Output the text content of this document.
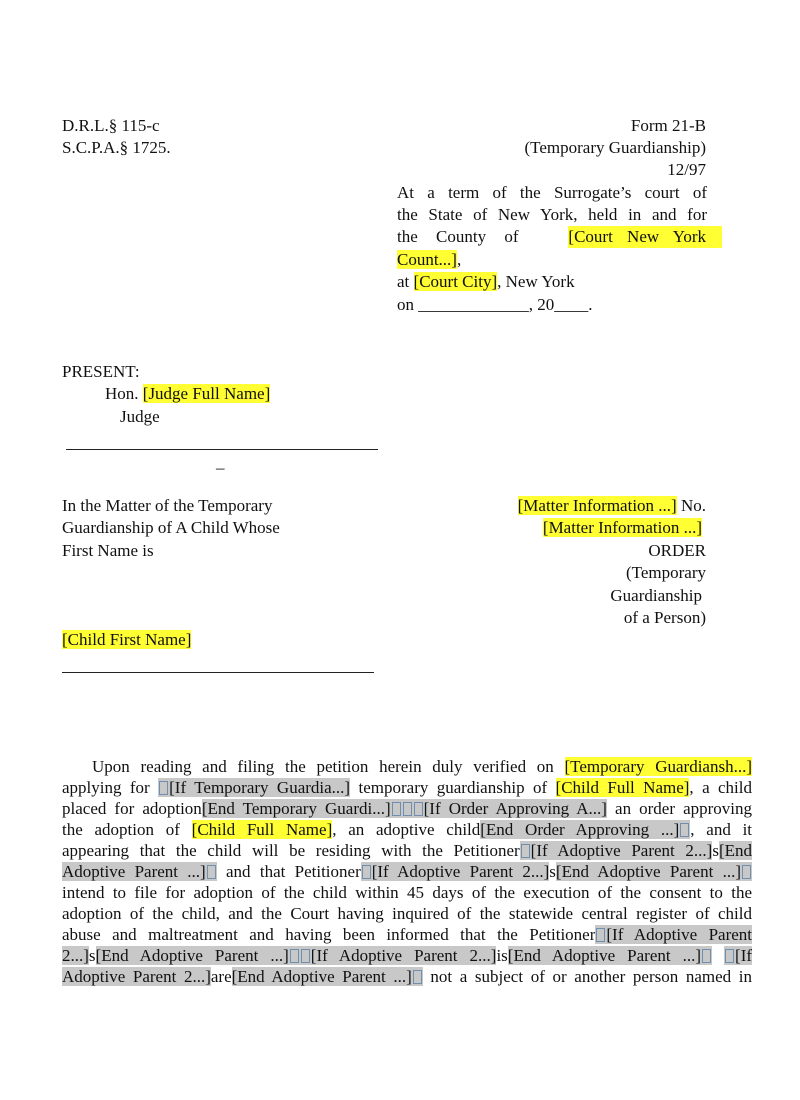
D.R.L.§ 115-c
S.C.P.A.§ 1725.
Form 21-B
(Temporary Guardianship)
12/97
At a term of the Surrogate’s court of
the State of New York, held in and for
the County of	[Court New York
Count...],
at [Court City], New York
on _____________, 20____.
PRESENT:
Hon. [Judge Full Name]
Judge
–
In the Matter of the Temporary
Guardianship of A Child Whose
First Name is
[Child First Name]
[Matter Information ...] No.
[Matter Information ...]
ORDER
(Temporary
Guardianship
of a Person)
Upon reading and filing the petition herein duly verified on [Temporary Guardiansh...]
applying for [If Temporary Guardia...] temporary guardianship of [Child Full Name], a child
placed for adoption[End Temporary Guardi...] [If Order Approving A...] an order approving
the adoption of [Child Full Name], an adoptive child[End Order Approving ...] , and it
appearing that the child will be residing with the Petitioner [If Adoptive Parent 2...]s[End
Adoptive Parent ...] and that Petitioner [If Adoptive Parent 2...]s[End Adoptive Parent ...]
intend to file for adoption of the child within 45 days of the execution of the consent to the
adoption of the child, and the Court having inquired of the statewide central register of child
abuse and maltreatment and having been informed that the Petitioner [If Adoptive Parent
2...]s[End Adoptive Parent ...] [If Adoptive Parent 2...]is[End Adoptive Parent ...] [If
Adoptive Parent 2...]are[End Adoptive Parent ...] not a subject of or another person named in
